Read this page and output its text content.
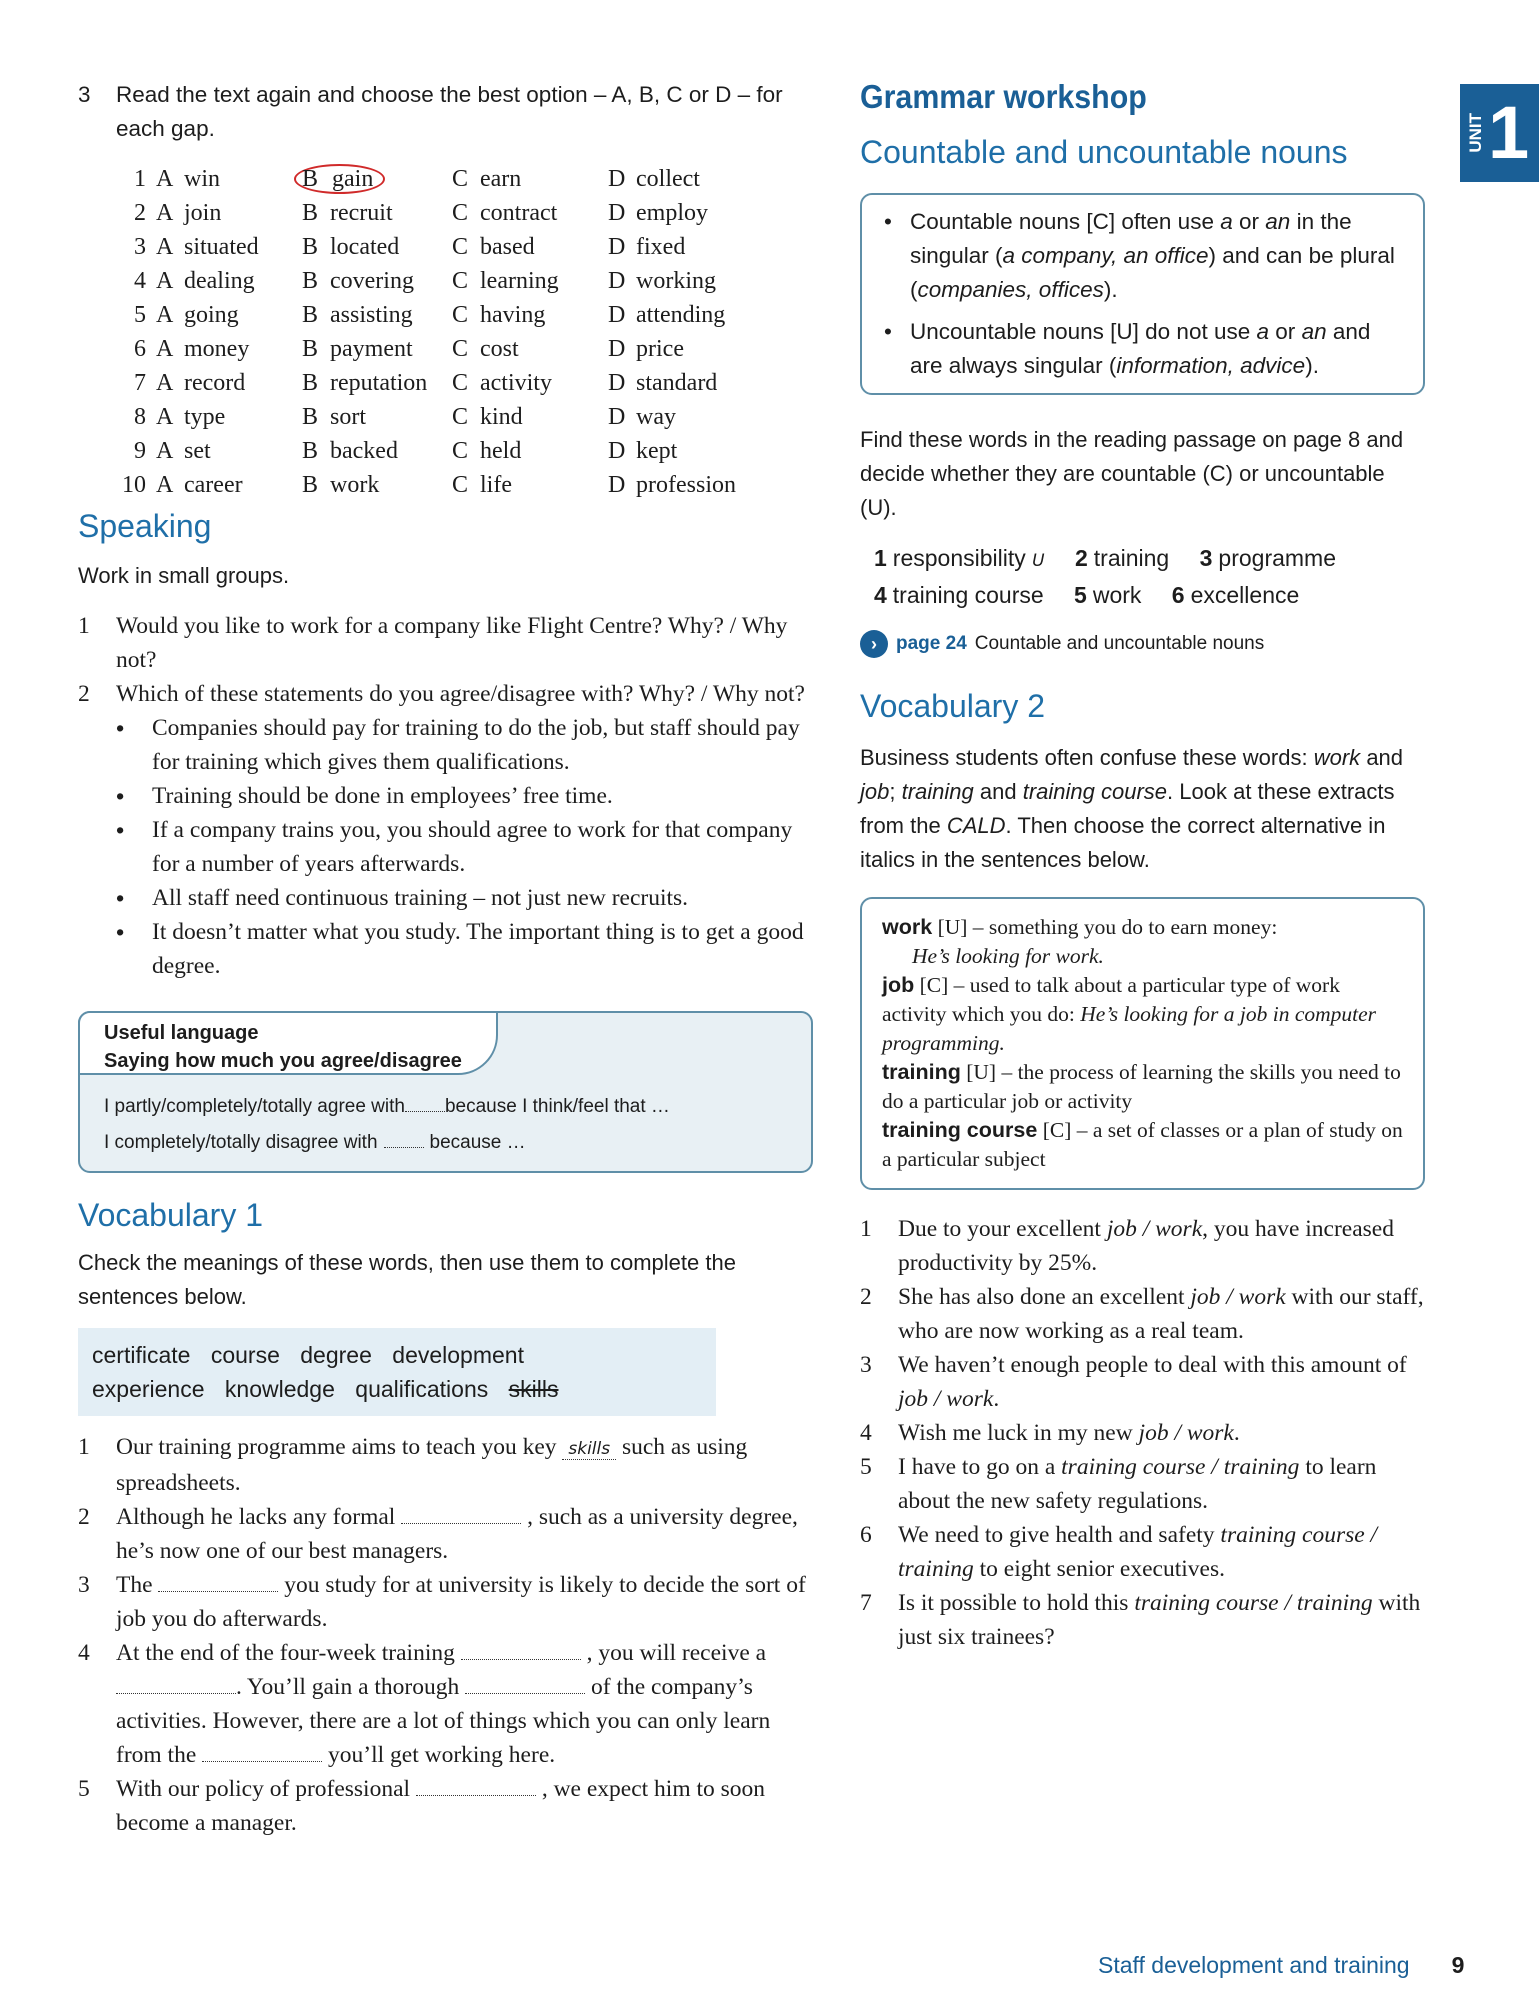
3	Read the text again and choose the best option – A, B, C or D – for each gap.
1	A	win	B gain		C	earn	D	collect
2	A	join	B	recruit	C	contract	D	employ
3	A	situated	B	located	C	based	D	fixed
4	A	dealing	B	covering	C	learning	D	working
5	A	going	B	assisting	C	having	D	attending
6	A	money	B	payment	C	cost	D	price
7	A	record	B	reputation	C	activity	D	standard
8	A	type	B	sort	C	kind	D	way
9	A	set	B	backed	C	held	D	kept
10	A	career	B	work	C	life	D	profession
Speaking
Work in small groups.
1	Would you like to work for a company like Flight Centre? Why? / Why not?
2	Which of these statements do you agree/disagree with? Why? / Why not?
•	Companies should pay for training to do the job, but staff should pay for training which gives them qualifications.
•	Training should be done in employees’ free time.
•	If a company trains you, you should agree to work for that company for a number of years afterwards.
•	All staff need continuous training – not just new recruits.
•	It doesn’t matter what you study. The important thing is to get a good degree.
Useful language
Saying how much you agree/disagree
I partly/completely/totally agree with because I think/feel that …
I completely/totally disagree with	because …
Vocabulary 1
Check the meanings of these words, then use them to complete the sentences below.
certificate course degree development
experience knowledge qualifications skills
1	Our training programme aims to teach you key skills such as using spreadsheets.
2	Although he lacks any formal	, such as a university degree, he’s now one of our best managers.
3	The	you study for at university is likely to decide the sort of job you do afterwards.
4	At the end of the four-week training	, you will receive a . You’ll gain a thorough	of the company’s activities. However, there are a lot of things which you can only learn from the	you’ll get working here.
5	With our policy of professional	, we expect him to soon become a manager.
Grammar workshop
Countable and uncountable nouns
• Countable nouns [C] often use a or an in the singular (a company, an office) and can be plural (companies, offices).
• Uncountable nouns [U] do not use a or an and are always singular (information, advice).
Find these words in the reading passage on page 8 and decide whether they are countable (C) or uncountable (U).
1 responsibility U 2 training 3 programme
4 training course 5 work 6 excellence
›	page 24 Countable and uncountable nouns
Vocabulary 2
Business students often confuse these words: work and job; training and training course. Look at these extracts from the CALD. Then choose the correct alternative in italics in the sentences below.
work [U] – something you do to earn money:
He’s looking for work.
job [C] – used to talk about a particular type of work activity which you do: He’s looking for a job in computer programming.
training [U] – the process of learning the skills you need to do a particular job or activity
training course [C] – a set of classes or a plan of study on a particular subject
1	Due to your excellent job / work, you have increased productivity by 25%.
2	She has also done an excellent job / work with our staff, who are now working as a real team.
3	We haven’t enough people to deal with this amount of job / work.
4	Wish me luck in my new job / work.
5	I have to go on a training course / training to learn about the new safety regulations.
6	We need to give health and safety training course / training to eight senior executives.
7	Is it possible to hold this training course / training with just six trainees?
UNIT 1
Staff development and training 9
